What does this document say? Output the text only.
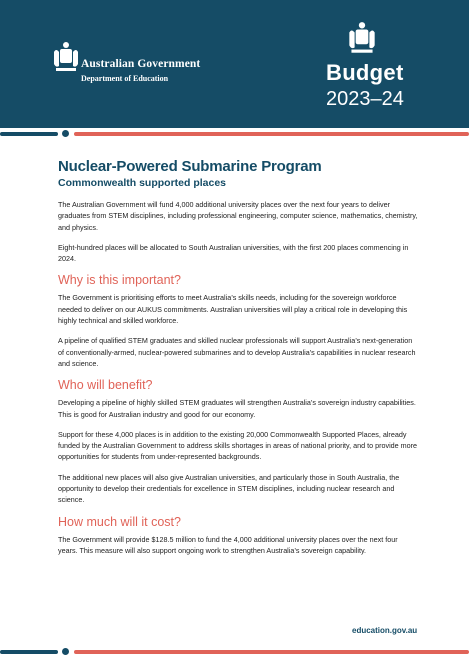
Australian Government
Department of Education	Budget
2023–24
Nuclear-Powered Submarine Program
Commonwealth supported places

The Australian Government will fund 4,000 additional university places over the next four years to deliver graduates from STEM disciplines, including professional engineering, computer science, mathematics, chemistry, and physics.

Eight-hundred places will be allocated to South Australian universities, with the first 200 places commencing in 2024.

Why is this important?

The Government is prioritising efforts to meet Australia’s skills needs, including for the sovereign workforce needed to deliver on our AUKUS commitments. Australian universities will play a critical role in developing this highly technical and skilled workforce.

A pipeline of qualified STEM graduates and skilled nuclear professionals will support Australia’s next-generation of conventionally-armed, nuclear-powered submarines and to develop Australia’s capabilities in nuclear research and science.

Who will benefit?

Developing a pipeline of highly skilled STEM graduates will strengthen Australia’s sovereign industry capabilities. This is good for Australian industry and good for our economy.

Support for these 4,000 places is in addition to the existing 20,000 Commonwealth Supported Places, already funded by the Australian Government to address skills shortages in areas of national priority, and to provide more opportunities for students from under-represented backgrounds.

The additional new places will also give Australian universities, and particularly those in South Australia, the opportunity to develop their credentials for excellence in STEM disciplines, including nuclear research and science.

How much will it cost?

The Government will provide $128.5 million to fund the 4,000 additional university places over the next four years. This measure will also support ongoing work to strengthen Australia’s sovereign capability.

education.gov.au
